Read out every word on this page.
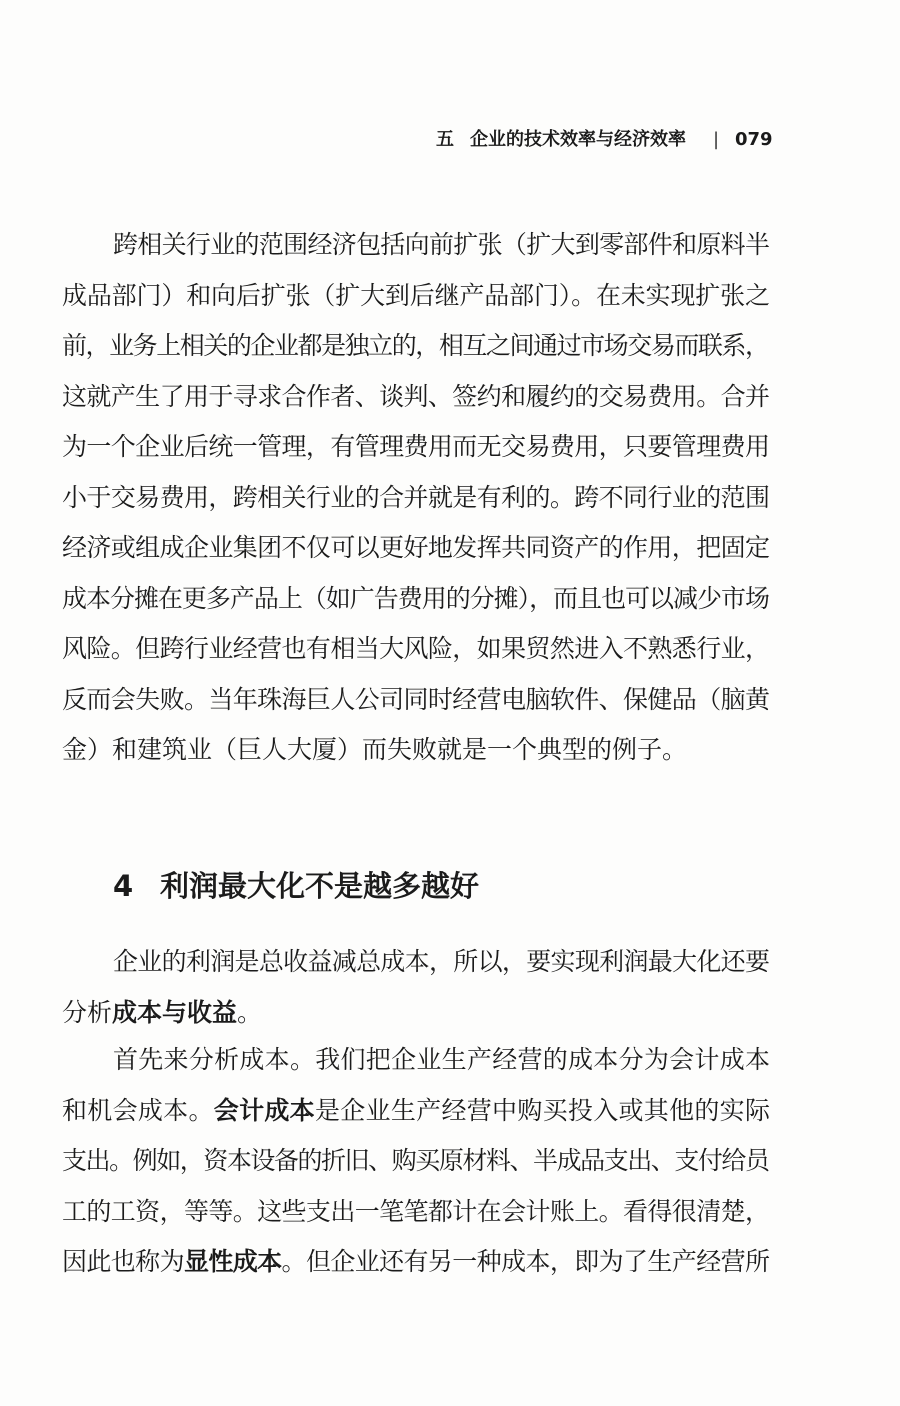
五 企业的技术效率与经济效率 | 079
跨相关行业的范围经济包括向前扩张（扩大到零部件和原料半
成品部门）和向后扩张（扩大到后继产品部门）。在未实现扩张之
前，业务上相关的企业都是独立的，相互之间通过市场交易而联系，
这就产生了用于寻求合作者、谈判、签约和履约的交易费用。合并
为一个企业后统一管理，有管理费用而无交易费用，只要管理费用
小于交易费用，跨相关行业的合并就是有利的。跨不同行业的范围
经济或组成企业集团不仅可以更好地发挥共同资产的作用，把固定
成本分摊在更多产品上（如广告费用的分摊），而且也可以减少市场
风险。但跨行业经营也有相当大风险，如果贸然进入不熟悉行业，
反而会失败。当年珠海巨人公司同时经营电脑软件、保健品（脑黄
金）和建筑业（巨人大厦）而失败就是一个典型的例子。
4 利润最大化不是越多越好
企业的利润是总收益减总成本，所以，要实现利润最大化还要
分析成本与收益。
首先来分析成本。我们把企业生产经营的成本分为会计成本
和机会成本。会计成本是企业生产经营中购买投入或其他的实际
支出。例如，资本设备的折旧、购买原材料、半成品支出、支付给员
工的工资，等等。这些支出一笔笔都计在会计账上。看得很清楚，
因此也称为显性成本。但企业还有另一种成本，即为了生产经营所
